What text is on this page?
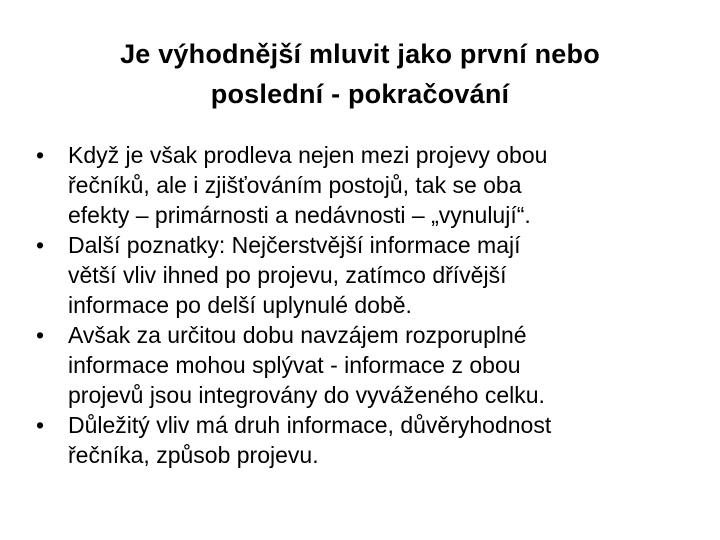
Je výhodnější mluvit jako první nebo
poslední - pokračování
•	Když je však prodleva nejen mezi projevy obou
řečníků, ale i zjišťováním postojů, tak se oba
efekty – primárnosti a nedávnosti – „vynulují“.
•	Další poznatky: Nejčerstvější informace mají
větší vliv ihned po projevu, zatímco dřívější
informace po delší uplynulé době.
•	Avšak za určitou dobu navzájem rozporuplné
informace mohou splývat - informace z obou
projevů jsou integrovány do vyváženého celku.
•	Důležitý vliv má druh informace, důvěryhodnost
řečníka, způsob projevu.
